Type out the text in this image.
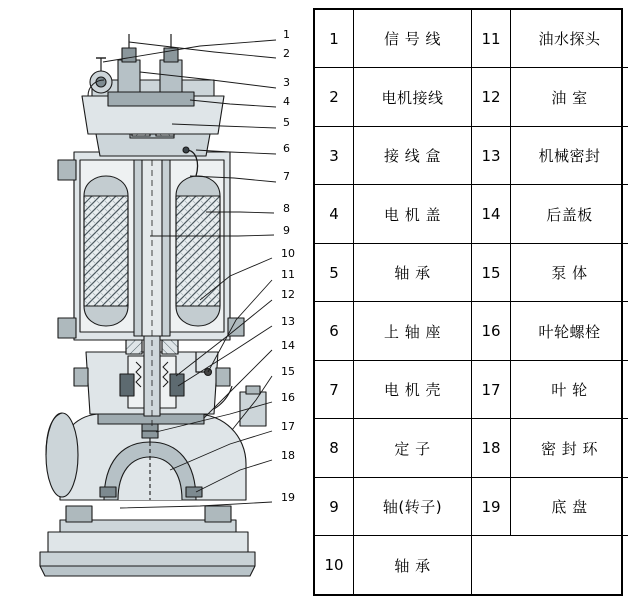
1
2
3
4
5
6
7
8
9
10
11
12
13
14
15
16
17
18
19
1	信 号 线	11	油水探头
2	电机接线	12	油 室
3	接 线 盒	13	机械密封
4	电 机 盖	14	后盖板
5	轴 承	15	泵 体
6	上 轴 座	16	叶轮螺栓
7	电 机 壳	17	叶 轮
8	定 子	18	密 封 环
9	轴(转子)	19	底 盘
10	轴 承		
